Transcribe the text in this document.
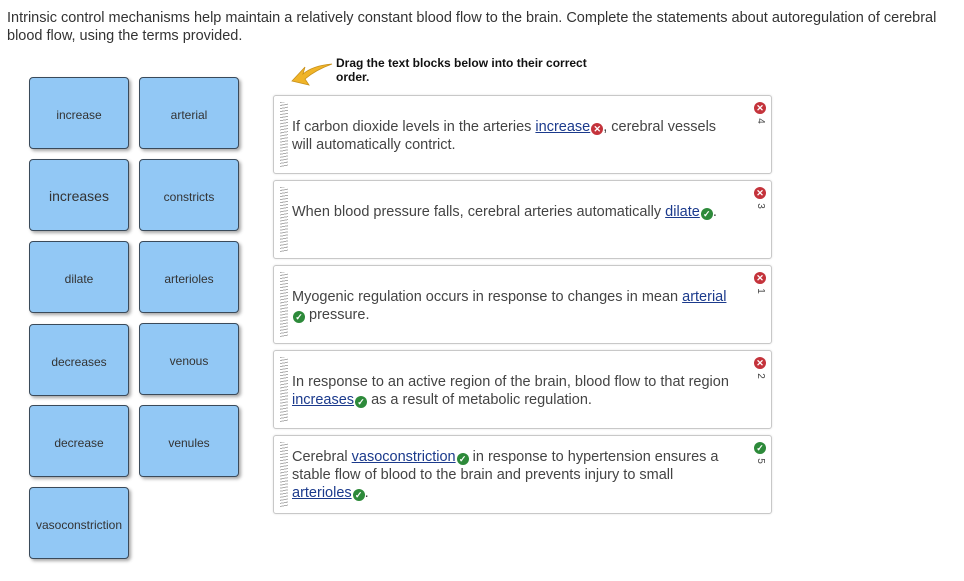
Intrinsic control mechanisms help maintain a relatively constant blood flow to the brain. Complete the statements about autoregulation of cerebral blood flow, using the terms provided.
increase	arterial
increases	constricts
dilate	arterioles
decreases	venous
decrease	venules
vasoconstriction
Drag the text blocks below into their correct order.
If carbon dioxide levels in the arteries increase ✕ , cerebral vessels will automatically contrict.
✕
4
When blood pressure falls, cerebral arteries automatically dilate ✓ .
✕
3
Myogenic regulation occurs in response to changes in mean arterial✓ pressure.
✕
1
In response to an active region of the brain, blood flow to that region increases ✓ as a result of metabolic regulation.
✕
2
Cerebral vasoconstriction ✓ in response to hypertension ensures a stable flow of blood to the brain and prevents injury to small arterioles ✓ .
✓
5
